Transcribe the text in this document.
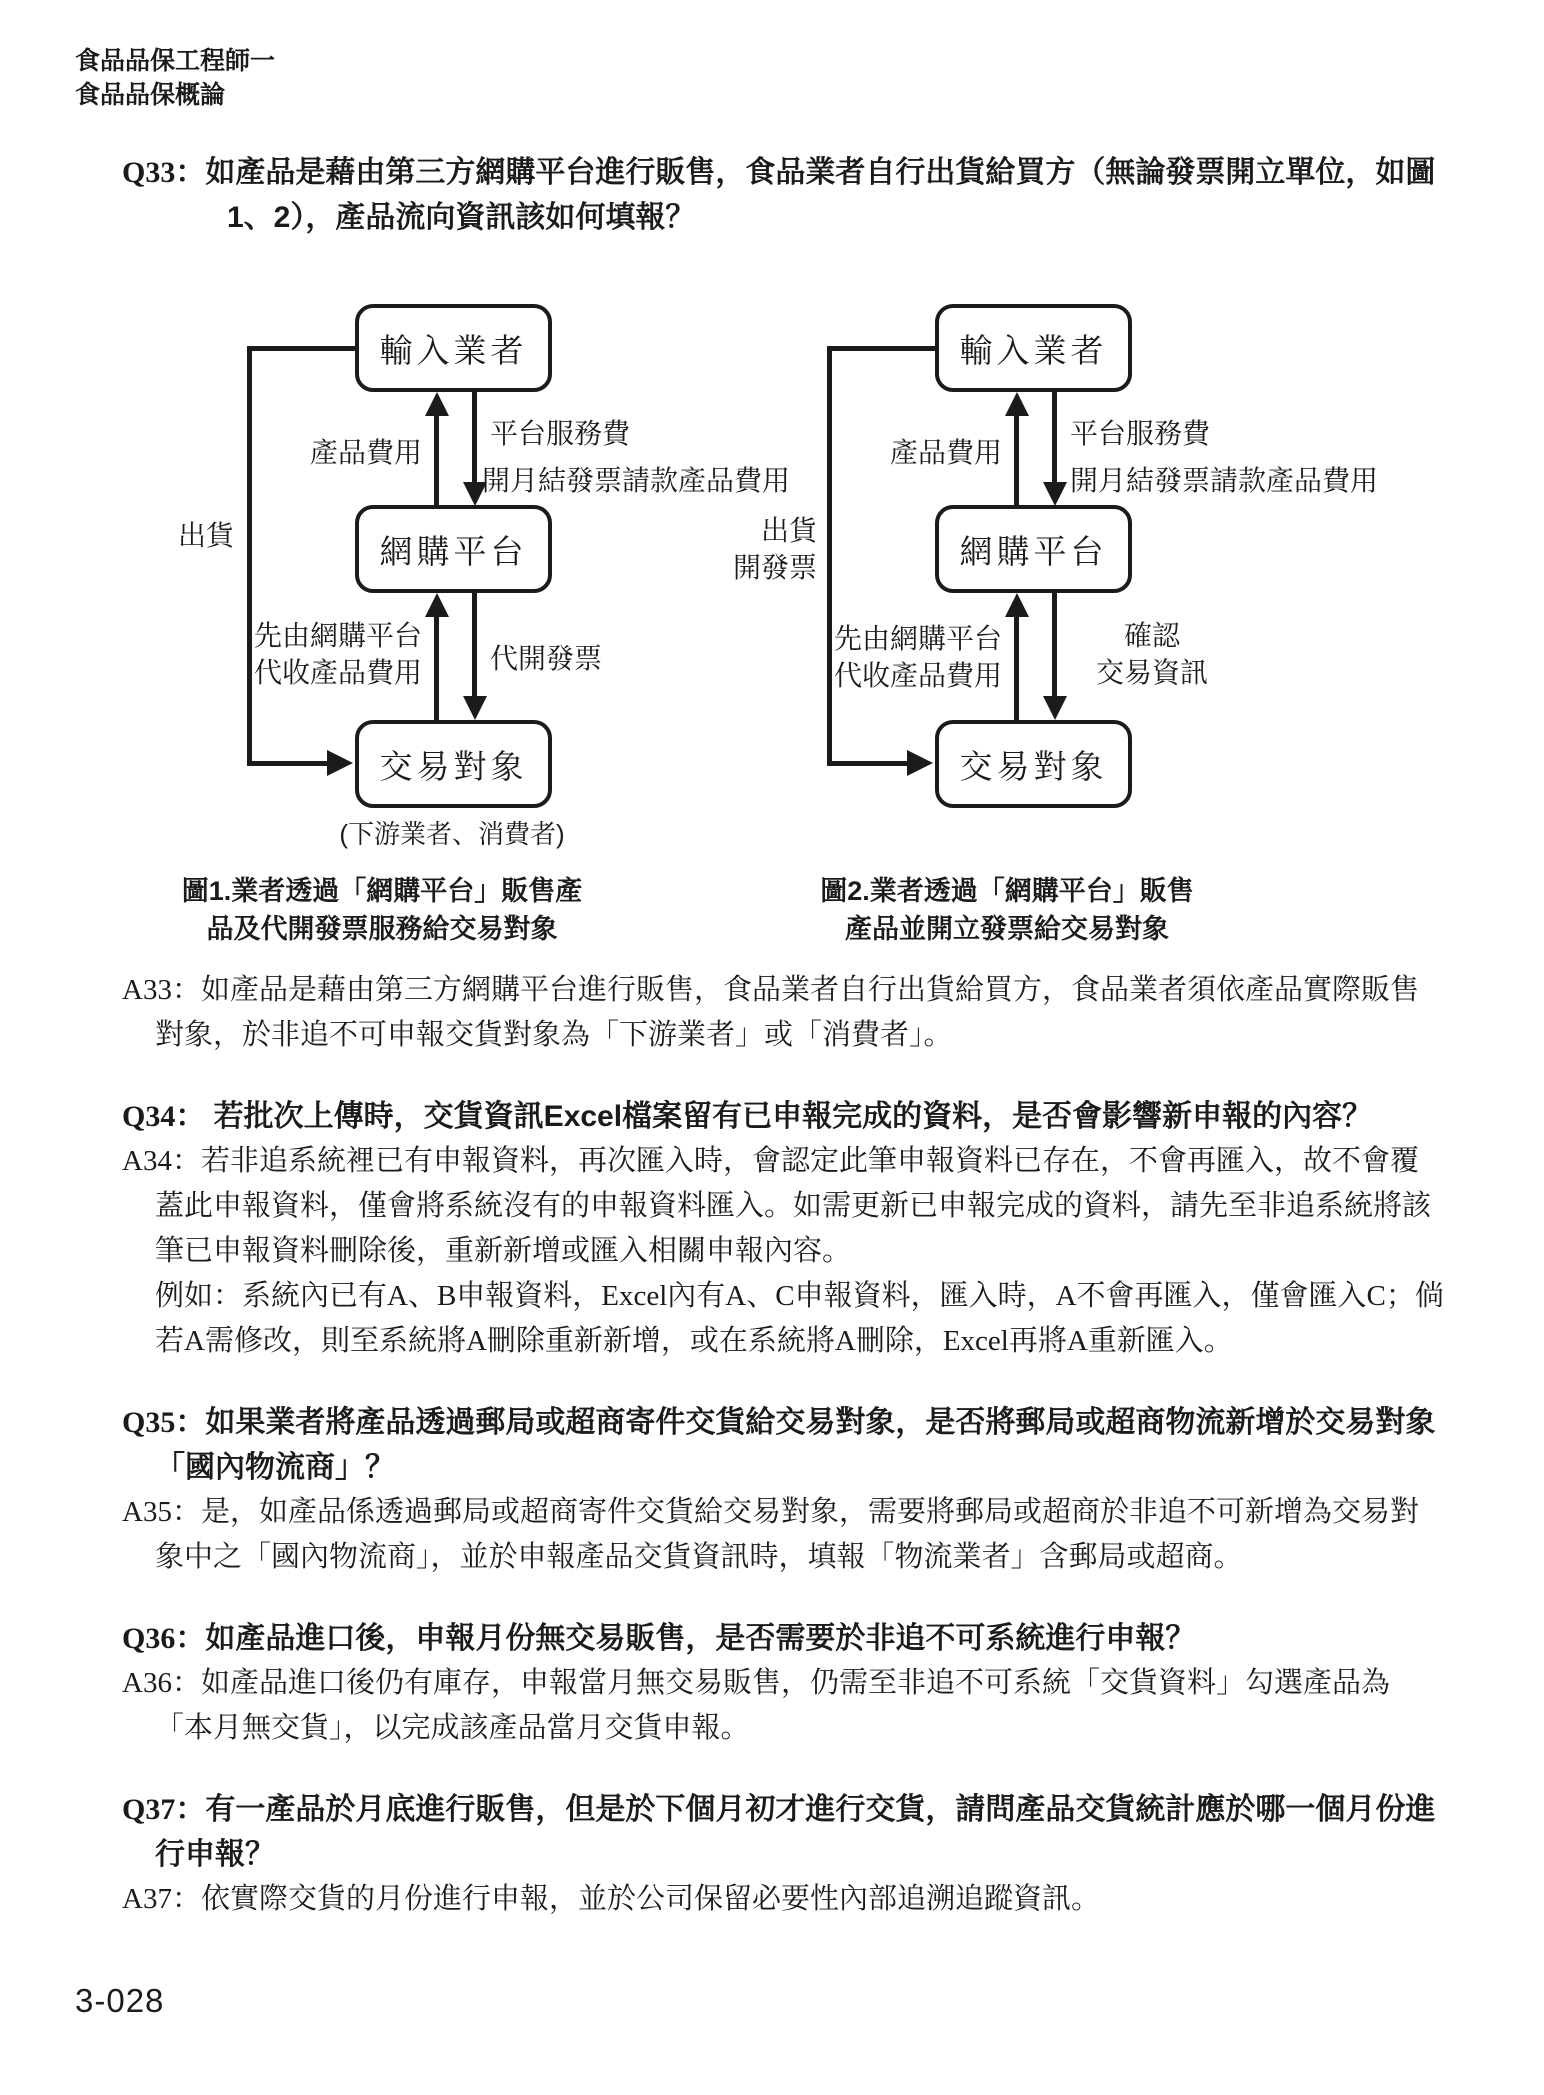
食品品保工程師一
食品品保概論

Q33：如產品是藉由第三方網購平台進行販售，食品業者自行出貨給買方（無論發票開立單位，如圖1、2），產品流向資訊該如何填報？

出貨
產品費用
平台服務費
開月結發票請款產品費用
先由網購平台
代收產品費用 代開發票
輸入業者
網購平台
交易對象
(下游業者、消費者)
圖1.業者透過「網購平台」販售產
品及代開發票服務給交易對象
出貨
開發票
產品費用
平台服務費
開月結發票請款產品費用
先由網購平台
代收產品費用
確認
交易資訊
輸入業者
網購平台
交易對象
圖2.業者透過「網購平台」販售
產品並開立發票給交易對象

A33：如產品是藉由第三方網購平台進行販售，食品業者自行出貨給買方，食品業者須依產品實際販售對象，於非追不可申報交貨對象為「下游業者」或「消費者」。

Q34： 若批次上傳時，交貨資訊Excel檔案留有已申報完成的資料，是否會影響新申報的內容？

A34：若非追系統裡已有申報資料，再次匯入時，會認定此筆申報資料已存在，不會再匯入，故不會覆蓋此申報資料，僅會將系統沒有的申報資料匯入。如需更新已申報完成的資料，請先至非追系統將該筆已申報資料刪除後，重新新增或匯入相關申報內容。

例如：系統內已有A、B申報資料，Excel內有A、C申報資料，匯入時，A不會再匯入，僅會匯入C；倘若A需修改，則至系統將A刪除重新新增，或在系統將A刪除，Excel再將A重新匯入。

Q35：如果業者將產品透過郵局或超商寄件交貨給交易對象，是否將郵局或超商物流新增於交易對象「國內物流商」？

A35：是，如產品係透過郵局或超商寄件交貨給交易對象，需要將郵局或超商於非追不可新增為交易對象中之「國內物流商」，並於申報產品交貨資訊時，填報「物流業者」含郵局或超商。

Q36：如產品進口後，申報月份無交易販售，是否需要於非追不可系統進行申報？

A36：如產品進口後仍有庫存，申報當月無交易販售，仍需至非追不可系統「交貨資料」勾選產品為「本月無交貨」，以完成該產品當月交貨申報。

Q37：有一產品於月底進行販售，但是於下個月初才進行交貨，請問產品交貨統計應於哪一個月份進行申報？

A37：依實際交貨的月份進行申報，並於公司保留必要性內部追溯追蹤資訊。

3-028
